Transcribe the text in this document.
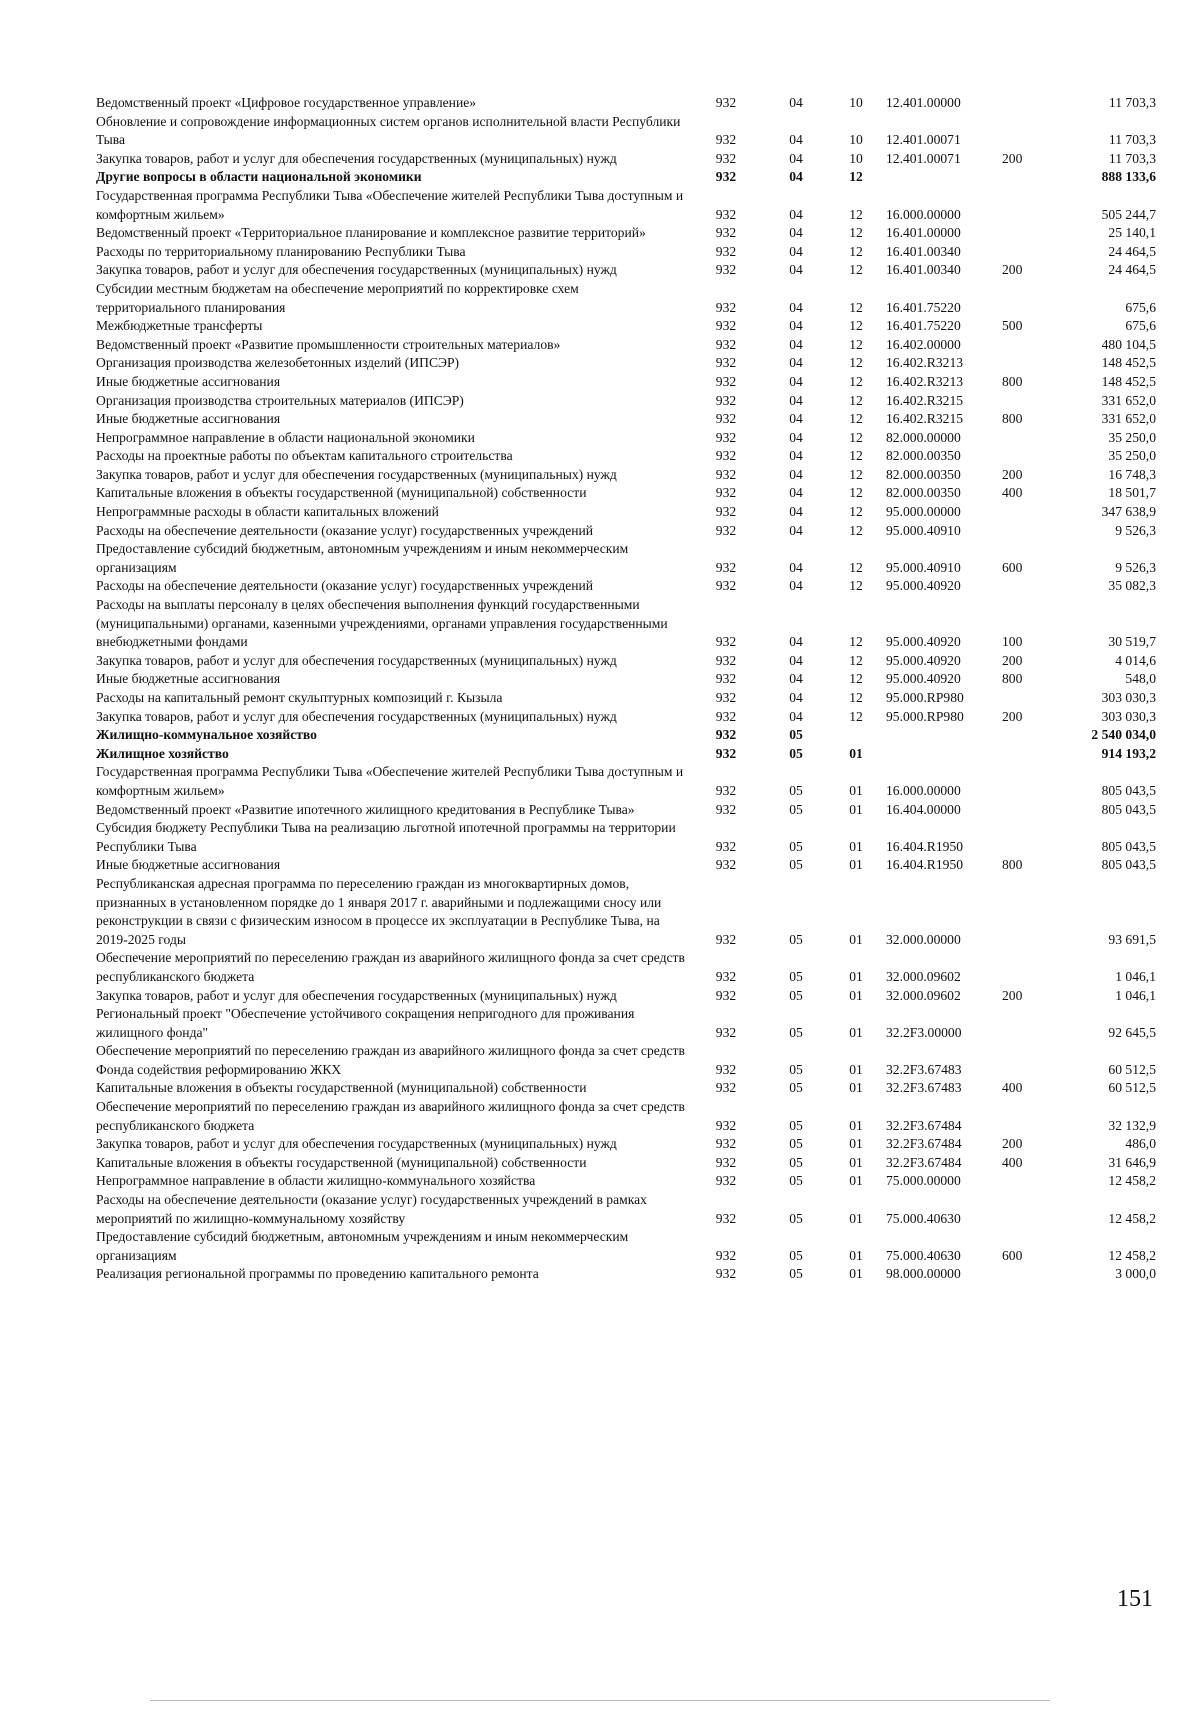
Ведомственный проект «Цифровое государственное управление»	932	04	10	12.401.00000		11 703,3
Обновление и сопровождение информационных систем органов исполнительной власти Республики Тыва	932	04	10	12.401.00071		11 703,3
Закупка товаров, работ и услуг для обеспечения государственных (муниципальных) нужд	932	04	10	12.401.00071	200	11 703,3
Другие вопросы в области национальной экономики	932	04	12			888 133,6
Государственная программа Республики Тыва «Обеспечение жителей Республики Тыва доступным и комфортным жильем»	932	04	12	16.000.00000		505 244,7
Ведомственный проект «Территориальное планирование и комплексное развитие территорий»	932	04	12	16.401.00000		25 140,1
Расходы по территориальному планированию Республики Тыва	932	04	12	16.401.00340		24 464,5
Закупка товаров, работ и услуг для обеспечения государственных (муниципальных) нужд	932	04	12	16.401.00340	200	24 464,5
Субсидии местным бюджетам на обеспечение мероприятий по корректировке схем территориального планирования	932	04	12	16.401.75220		675,6
Межбюджетные трансферты	932	04	12	16.401.75220	500	675,6
Ведомственный проект «Развитие промышленности строительных материалов»	932	04	12	16.402.00000		480 104,5
Организация производства железобетонных изделий (ИПСЭР)	932	04	12	16.402.R3213		148 452,5
Иные бюджетные ассигнования	932	04	12	16.402.R3213	800	148 452,5
Организация производства строительных материалов (ИПСЭР)	932	04	12	16.402.R3215		331 652,0
Иные бюджетные ассигнования	932	04	12	16.402.R3215	800	331 652,0
Непрограммное направление в области национальной экономики	932	04	12	82.000.00000		35 250,0
Расходы на проектные работы по объектам капитального строительства	932	04	12	82.000.00350		35 250,0
Закупка товаров, работ и услуг для обеспечения государственных (муниципальных) нужд	932	04	12	82.000.00350	200	16 748,3
Капитальные вложения в объекты государственной (муниципальной) собственности	932	04	12	82.000.00350	400	18 501,7
Непрограммные расходы в области капитальных вложений	932	04	12	95.000.00000		347 638,9
Расходы на обеспечение деятельности (оказание услуг) государственных учреждений	932	04	12	95.000.40910		9 526,3
Предоставление субсидий бюджетным, автономным учреждениям и иным некоммерческим организациям	932	04	12	95.000.40910	600	9 526,3
Расходы на обеспечение деятельности (оказание услуг) государственных учреждений	932	04	12	95.000.40920		35 082,3
Расходы на выплаты персоналу в целях обеспечения выполнения функций государственными (муниципальными) органами, казенными учреждениями, органами управления государственными внебюджетными фондами	932	04	12	95.000.40920	100	30 519,7
Закупка товаров, работ и услуг для обеспечения государственных (муниципальных) нужд	932	04	12	95.000.40920	200	4 014,6
Иные бюджетные ассигнования	932	04	12	95.000.40920	800	548,0
Расходы на капитальный ремонт скульптурных композиций г. Кызыла	932	04	12	95.000.RP980		303 030,3
Закупка товаров, работ и услуг для обеспечения государственных (муниципальных) нужд	932	04	12	95.000.RP980	200	303 030,3
Жилищно-коммунальное хозяйство	932	05				2 540 034,0
Жилищное хозяйство	932	05	01			914 193,2
Государственная программа Республики Тыва «Обеспечение жителей Республики Тыва доступным и комфортным жильем»	932	05	01	16.000.00000		805 043,5
Ведомственный проект «Развитие ипотечного жилищного кредитования в Республике Тыва»	932	05	01	16.404.00000		805 043,5
Субсидия бюджету Республики Тыва на реализацию льготной ипотечной программы на территории Республики Тыва	932	05	01	16.404.R1950		805 043,5
Иные бюджетные ассигнования	932	05	01	16.404.R1950	800	805 043,5
Республиканская адресная программа по переселению граждан из многоквартирных домов, признанных в установленном порядке до 1 января 2017 г. аварийными и подлежащими сносу или реконструкции в связи с физическим износом в процессе их эксплуатации в Республике Тыва, на 2019-2025 годы	932	05	01	32.000.00000		93 691,5
Обеспечение мероприятий по переселению граждан из аварийного жилищного фонда за счет средств республиканского бюджета	932	05	01	32.000.09602		1 046,1
Закупка товаров, работ и услуг для обеспечения государственных (муниципальных) нужд	932	05	01	32.000.09602	200	1 046,1
Региональный проект "Обеспечение устойчивого сокращения непригодного для проживания жилищного фонда"	932	05	01	32.2F3.00000		92 645,5
Обеспечение мероприятий по переселению граждан из аварийного жилищного фонда за счет средств Фонда содействия реформированию ЖКХ	932	05	01	32.2F3.67483		60 512,5
Капитальные вложения в объекты государственной (муниципальной) собственности	932	05	01	32.2F3.67483	400	60 512,5
Обеспечение мероприятий по переселению граждан из аварийного жилищного фонда за счет средств республиканского бюджета	932	05	01	32.2F3.67484		32 132,9
Закупка товаров, работ и услуг для обеспечения государственных (муниципальных) нужд	932	05	01	32.2F3.67484	200	486,0
Капитальные вложения в объекты государственной (муниципальной) собственности	932	05	01	32.2F3.67484	400	31 646,9
Непрограммное направление в области жилищно-коммунального хозяйства	932	05	01	75.000.00000		12 458,2
Расходы на обеспечение деятельности (оказание услуг) государственных учреждений в рамках мероприятий по жилищно-коммунальному хозяйству	932	05	01	75.000.40630		12 458,2
Предоставление субсидий бюджетным, автономным учреждениям и иным некоммерческим организациям	932	05	01	75.000.40630	600	12 458,2
Реализация региональной программы по проведению капитального ремонта	932	05	01	98.000.00000		3 000,0
151
